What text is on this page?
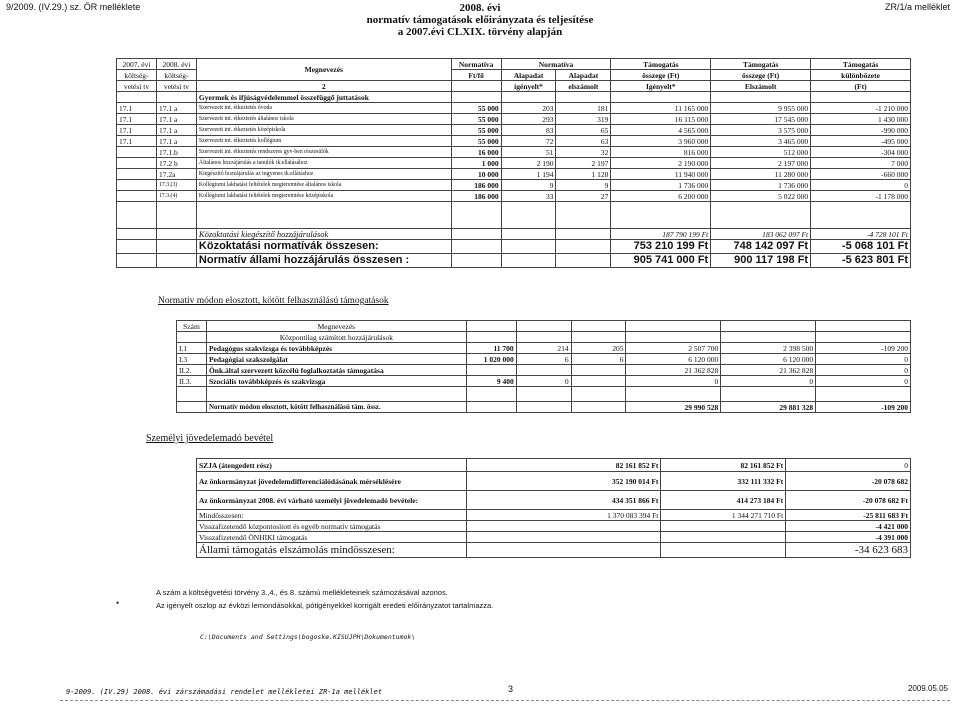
9/2009. (IV.29.) sz. ÖR melléklete	ZR/1/a melléklet
2008. évi
normatív támogatások előirányzata és teljesítése
a 2007.évi CLXIX. törvény alapján
2007. évi	2008. évi	Megnevezés	Normatíva	Normatíva		Támogatás	Támogatás	Támogatás
költség-	költség-		Ft/fő	Alapadat	Alapadat	összege (Ft)	összege (Ft)	különbözete
vetési tv	vetési tv	2		igényelt*	elszámolt	Igényelt*	Elszámolt	(Ft)
		Gyermek és ifjúságvédelemmel összefüggő juttatások						
17.1	17.1 a	Szervezett int. étkeztetés óvoda	55 000	203	181	11 165 000	9 955 000	-1 210 000
17.1	17.1 a	Szervezett int. étkeztetés általános iskola	55 000	293	319	16 115 000	17 545 000	1 430 000
17.1	17.1 a	Szervezett int. étkeztetés középiskola	55 000	83	65	4 565 000	3 575 000	-990 000
17.1	17.1 a	Szervezett int. étkeztetés kollégium	55 000	72	63	3 960 000	3 465 000	-495 000
	17.1.b	Szervezett int. étkeztetés rendszeres gyv-ben részesülők	16 000	51	32	816 000	512 000	-304 000
	17.2 b	Általános hozzájárulás a tanulók tk.ellátásához	1 000	2 190	2 197	2 190 000	2 197 000	7 000
	17.2a	Kiegészítő hozzájárulás az ingyenes tk.ellátáshoz	10 000	1 194	1 128	11 940 000	11 280 000	-660 000
	17.3.(3)	Kollégiumi lakhatási feltételek megteremtése általános iskola	186 000	9	9	1 736 000	1 736 000	0
	17.3.(4)	Kollégiumi lakhatási feltételek megteremtése középiskola	186 000	33	27	6 200 000	5 022 000	-1 178 000

		Közoktatási kiegészítő hozzájárulások				187 790 199 Ft	183 062 097 Ft	-4 728 101 Ft
		Közoktatási normatívák összesen:				753 210 199 Ft	748 142 097 Ft	-5 068 101 Ft
		Normatív állami hozzájárulás összesen :				905 741 000 Ft	900 117 198 Ft	-5 623 801 Ft
Normatív módon elosztott, kötött felhasználású támogatások
Szám	Megnevezés						
	Központilag számított hozzájárulások						
I.1	Pedagógus szakvizsga és továbbképzés	11 700	214	205	2 507 700	2 398 500	-109 200
I.3	Pedagógiai szakszolgálat	1 020 000	6	6	6 120 000	6 120 000	0
II.2.	Önk.által szervezett közcélú foglalkoztatás támogatása				21 362 828	21 362 828	0
II.3.	Szociális továbbképzés és szakvizsga	9 400	0		0	0	0

	Normatív módon elosztott, kötött felhasználású tám. össz.				29 990 528	29 881 328	-109 200
Személyi jövedelemadó bevétel
SZJA (átengedett rész)	82 161 852 Ft	82 161 852 Ft	0
Az önkormányzat jövedelemdifferenciálódásának mérséklésére	352 190 014 Ft	332 111 332 Ft	-20 078 682
Az önkormányzat 2008. évi várható személyi jövedelemadó bevétele:	434 351 866 Ft	414 273 184 Ft	-20 078 682 Ft
Mindösszesen:	1 370 083 394 Ft	1 344 271 710 Ft	-25 811 683 Ft
Visszafizetendő központosított és egyéb normatív támogatás			-4 421 000
Visszafizetendő ÖNHIKI támogatás			-4 391 000
Állami támogatás elszámolás mindösszesen:			-34 623 683
A szám a költségvetési törvény 3.,4., és 8. számú mellékleteinek számozásával azonos.
•	Az igényelt oszlop az évközi lemondásokkal, pótigényekkel korrigált eredeti előirányzatot tartalmazza.
C:\Documents and Settings\bogoske.KISUJPH\Dokumentumok\
9-2009. (IV.29) 2008. évi zárszámadási rendelet mellékletei ZR-1a melléklet	3	2009.05.05
